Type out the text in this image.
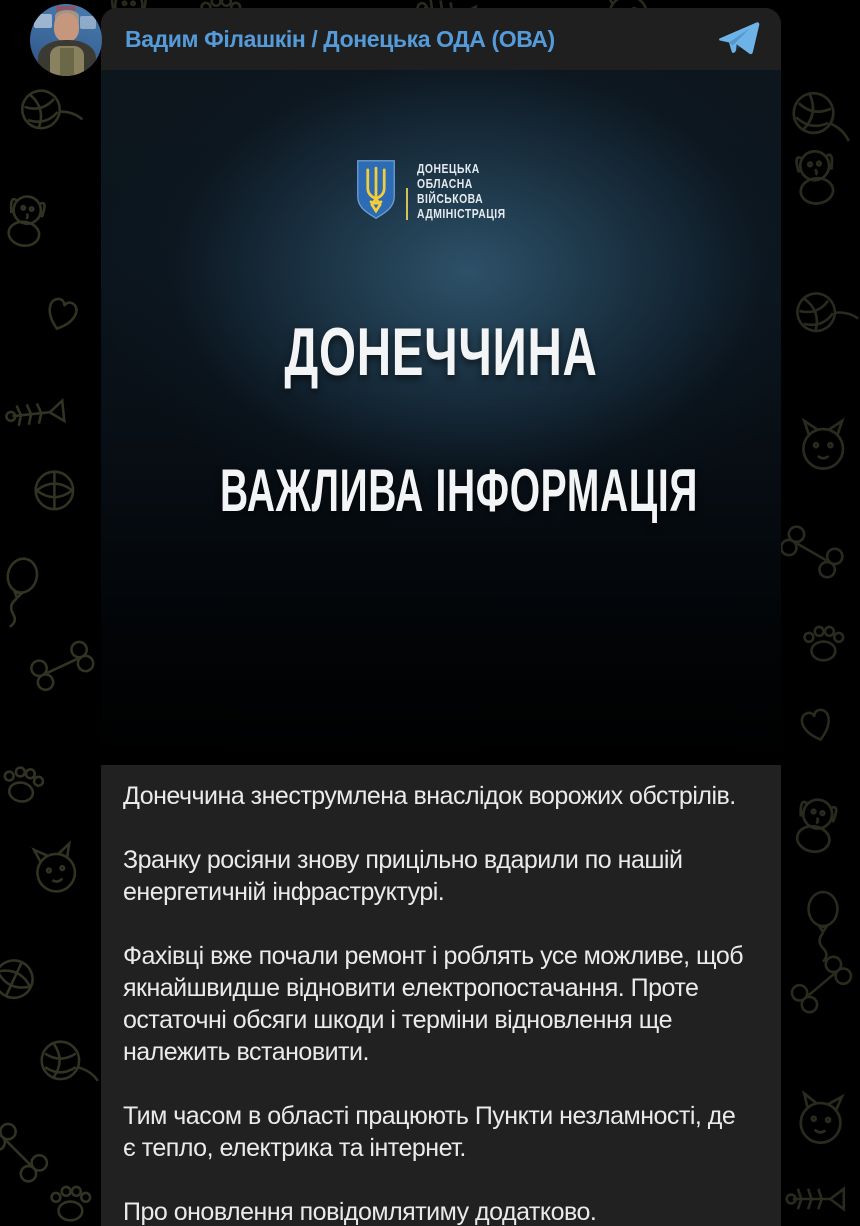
Вадим Філашкін / Донецька ОДА (ОВА)
ДОНЕЦЬКА
ОБЛАСНА
ВІЙСЬКОВА
АДМІНІСТРАЦІЯ
ДОНЕЧЧИНА
ВАЖЛИВА ІНФОРМАЦІЯ

Донеччина знеструмлена внаслідок ворожих обстрілів.

Зранку росіяни знову прицільно вдарили по нашій
енергетичній інфраструктурі.

Фахівці вже почали ремонт і роблять усе можливе, щоб
якнайшвидше відновити електропостачання. Проте
остаточні обсяги шкоди і терміни відновлення ще
належить встановити.

Тим часом в області працюють Пункти незламності, де
є тепло, електрика та інтернет.

Про оновлення повідомлятиму додатково.
